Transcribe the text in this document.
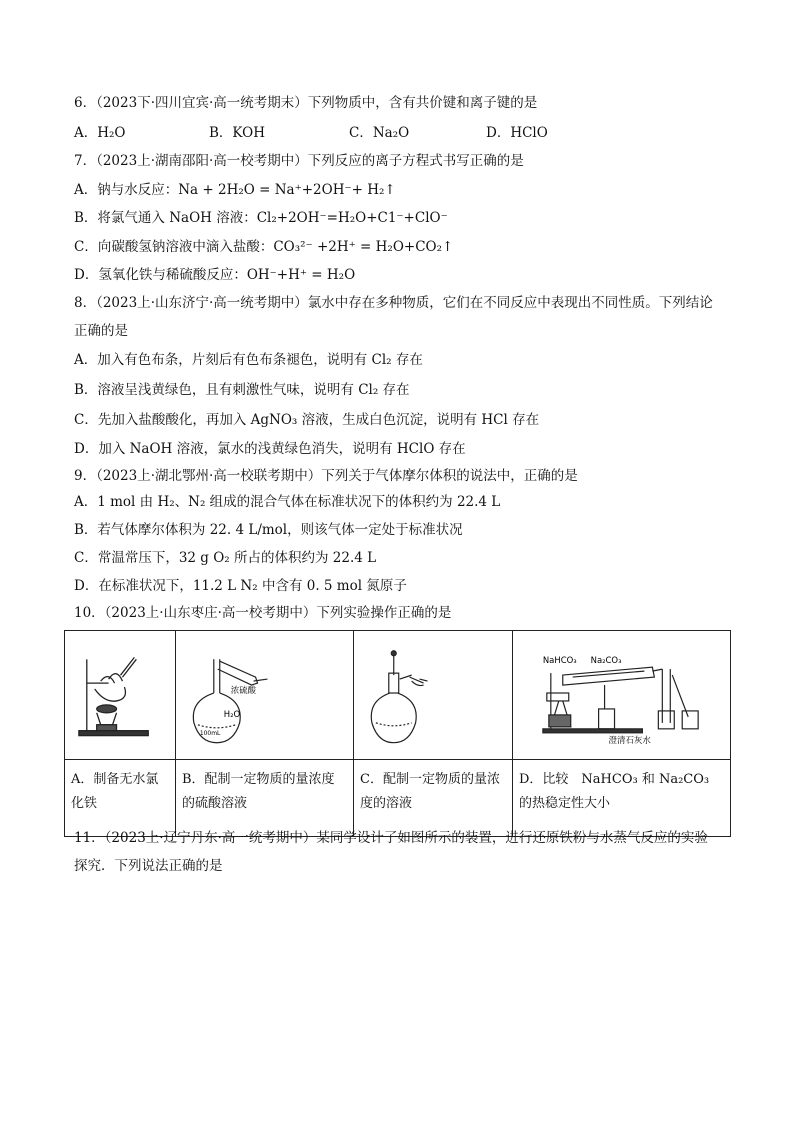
6．（2023下·四川宜宾·高一统考期末）下列物质中，含有共价键和离子键的是
A．H₂O	B．KOH	C．Na₂O	D．HClO
7．（2023上·湖南邵阳·高一校考期中）下列反应的离子方程式书写正确的是
A．钠与水反应：Na + 2H₂O = Na⁺+2OH⁻+ H₂↑
B．将氯气通入 NaOH 溶液：Cl₂+2OH⁻=H₂O+C1⁻+ClO⁻
C．向碳酸氢钠溶液中滴入盐酸：CO₃²⁻ +2H⁺ = H₂O+CO₂↑
D．氢氧化铁与稀硫酸反应：OH⁻+H⁺ = H₂O
8．（2023上·山东济宁·高一统考期中）氯水中存在多种物质，它们在不同反应中表现出不同性质。下列结论
正确的是
A．加入有色布条，片刻后有色布条褪色，说明有 Cl₂ 存在
B．溶液呈浅黄绿色，且有刺激性气味，说明有 Cl₂ 存在
C．先加入盐酸酸化，再加入 AgNO₃ 溶液，生成白色沉淀，说明有 HCl 存在
D．加入 NaOH 溶液，氯水的浅黄绿色消失，说明有 HClO 存在
9．（2023上·湖北鄂州·高一校联考期中）下列关于气体摩尔体积的说法中，正确的是
A．1 mol 由 H₂、N₂ 组成的混合气体在标准状况下的体积约为 22.4 L
B．若气体摩尔体积为 22. 4 L/mol，则该气体一定处于标准状况
C．常温常压下，32 g O₂ 所占的体积约为 22.4 L
D．在标准状况下，11.2 L N₂ 中含有 0. 5 mol 氮原子
10．（2023上·山东枣庄·高一校考期中）下列实验操作正确的是

浓硫酸
H₂O
100mL		NaHCO₃ Na₂CO₃
澄清石灰水

A．制备无水氯化铁	B．配制一定物质的量浓度的硫酸溶液	C．配制一定物质的量浓度的溶液	D．比较　NaHCO₃ 和 Na₂CO₃ 的热稳定性大小
11．（2023上·辽宁丹东·高一统考期中）某同学设计了如图所示的装置，进行还原铁粉与水蒸气反应的实验
探究．下列说法正确的是
